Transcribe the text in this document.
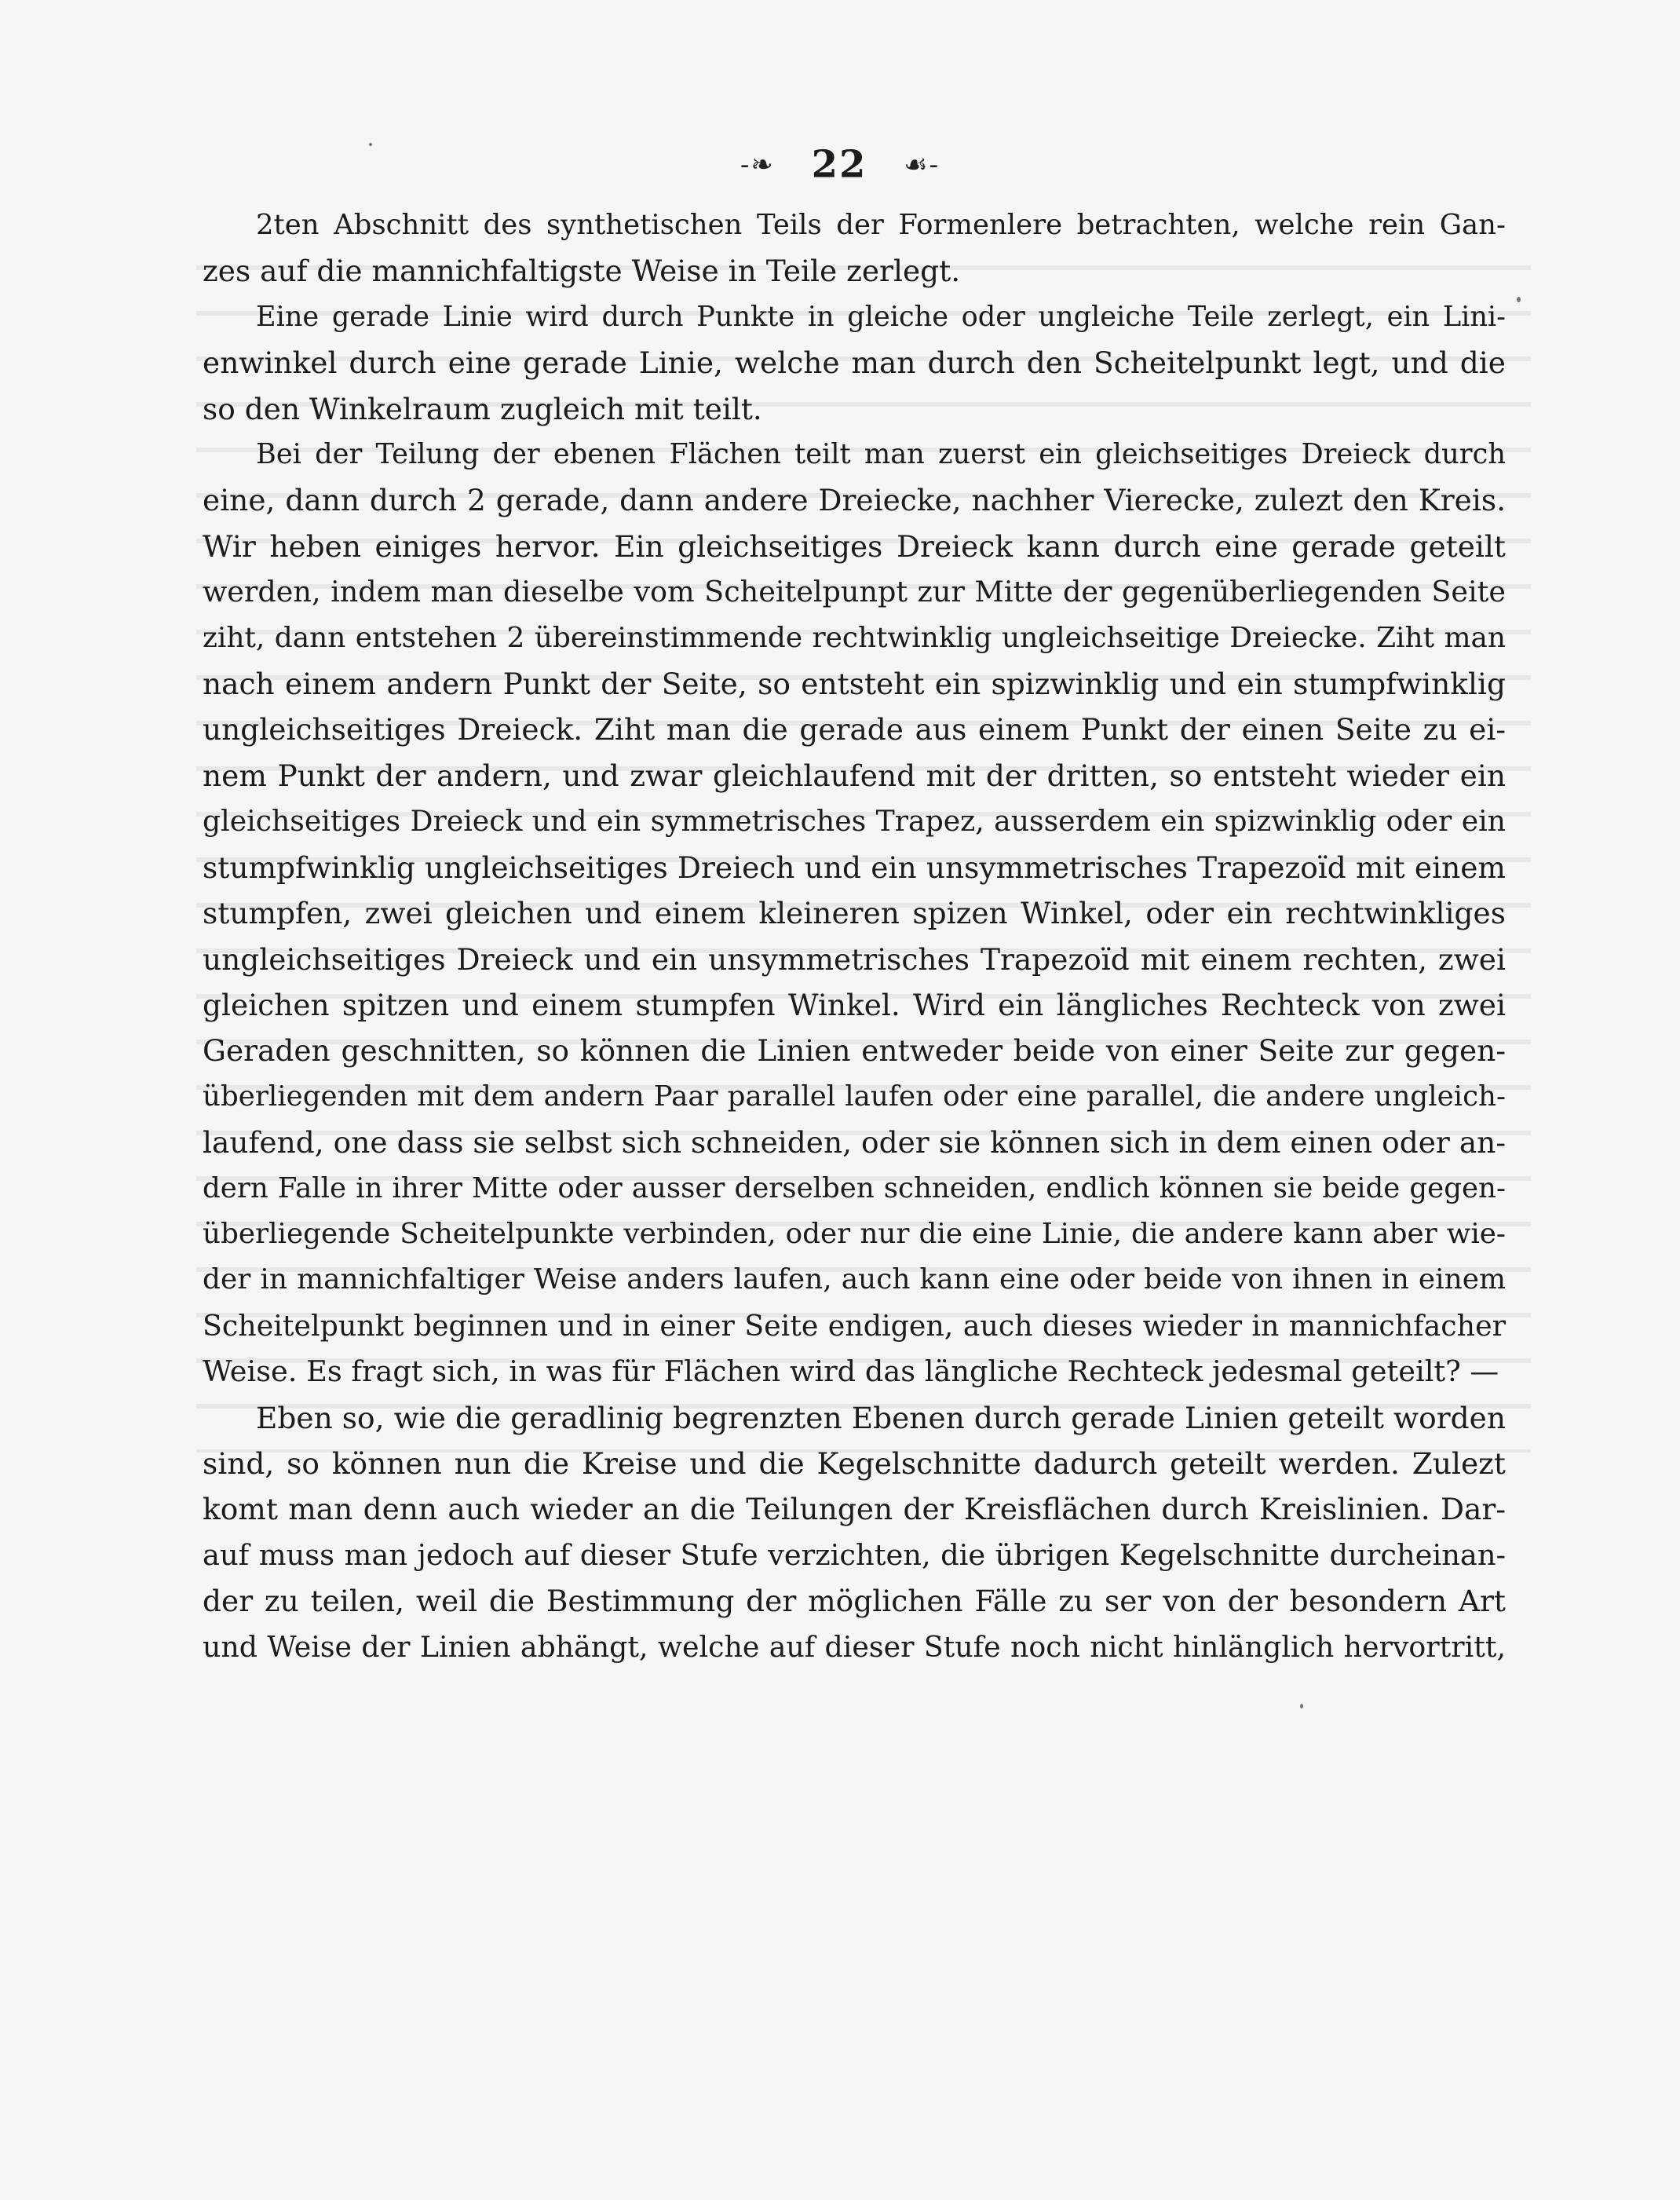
-❧ 22 ☙-
2ten Abschnitt des synthetischen Teils der Formenlere betrachten, welche rein Gan-
zes auf die mannichfaltigste Weise in Teile zerlegt.
Eine gerade Linie wird durch Punkte in gleiche oder ungleiche Teile zerlegt, ein Lini-
enwinkel durch eine gerade Linie, welche man durch den Scheitelpunkt legt, und die
so den Winkelraum zugleich mit teilt.
Bei der Teilung der ebenen Flächen teilt man zuerst ein gleichseitiges Dreieck durch
eine, dann durch 2 gerade, dann andere Dreiecke, nachher Vierecke, zulezt den Kreis.
Wir heben einiges hervor. Ein gleichseitiges Dreieck kann durch eine gerade geteilt
werden, indem man dieselbe vom Scheitelpunpt zur Mitte der gegenüberliegenden Seite
ziht, dann entstehen 2 übereinstimmende rechtwinklig ungleichseitige Dreiecke. Ziht man
nach einem andern Punkt der Seite, so entsteht ein spizwinklig und ein stumpfwinklig
ungleichseitiges Dreieck. Ziht man die gerade aus einem Punkt der einen Seite zu ei-
nem Punkt der andern, und zwar gleichlaufend mit der dritten, so entsteht wieder ein
gleichseitiges Dreieck und ein symmetrisches Trapez, ausserdem ein spizwinklig oder ein
stumpfwinklig ungleichseitiges Dreiech und ein unsymmetrisches Trapezoïd mit einem
stumpfen, zwei gleichen und einem kleineren spizen Winkel, oder ein rechtwinkliges
ungleichseitiges Dreieck und ein unsymmetrisches Trapezoïd mit einem rechten, zwei
gleichen spitzen und einem stumpfen Winkel. Wird ein längliches Rechteck von zwei
Geraden geschnitten, so können die Linien entweder beide von einer Seite zur gegen-
überliegenden mit dem andern Paar parallel laufen oder eine parallel, die andere ungleich-
laufend, one dass sie selbst sich schneiden, oder sie können sich in dem einen oder an-
dern Falle in ihrer Mitte oder ausser derselben schneiden, endlich können sie beide gegen-
überliegende Scheitelpunkte verbinden, oder nur die eine Linie, die andere kann aber wie-
der in mannichfaltiger Weise anders laufen, auch kann eine oder beide von ihnen in einem
Scheitelpunkt beginnen und in einer Seite endigen, auch dieses wieder in mannichfacher
Weise. Es fragt sich, in was für Flächen wird das längliche Rechteck jedesmal geteilt? —
Eben so, wie die geradlinig begrenzten Ebenen durch gerade Linien geteilt worden
sind, so können nun die Kreise und die Kegelschnitte dadurch geteilt werden. Zulezt
komt man denn auch wieder an die Teilungen der Kreisflächen durch Kreislinien. Dar-
auf muss man jedoch auf dieser Stufe verzichten, die übrigen Kegelschnitte durcheinan-
der zu teilen, weil die Bestimmung der möglichen Fälle zu ser von der besondern Art
und Weise der Linien abhängt, welche auf dieser Stufe noch nicht hinlänglich hervortritt,
